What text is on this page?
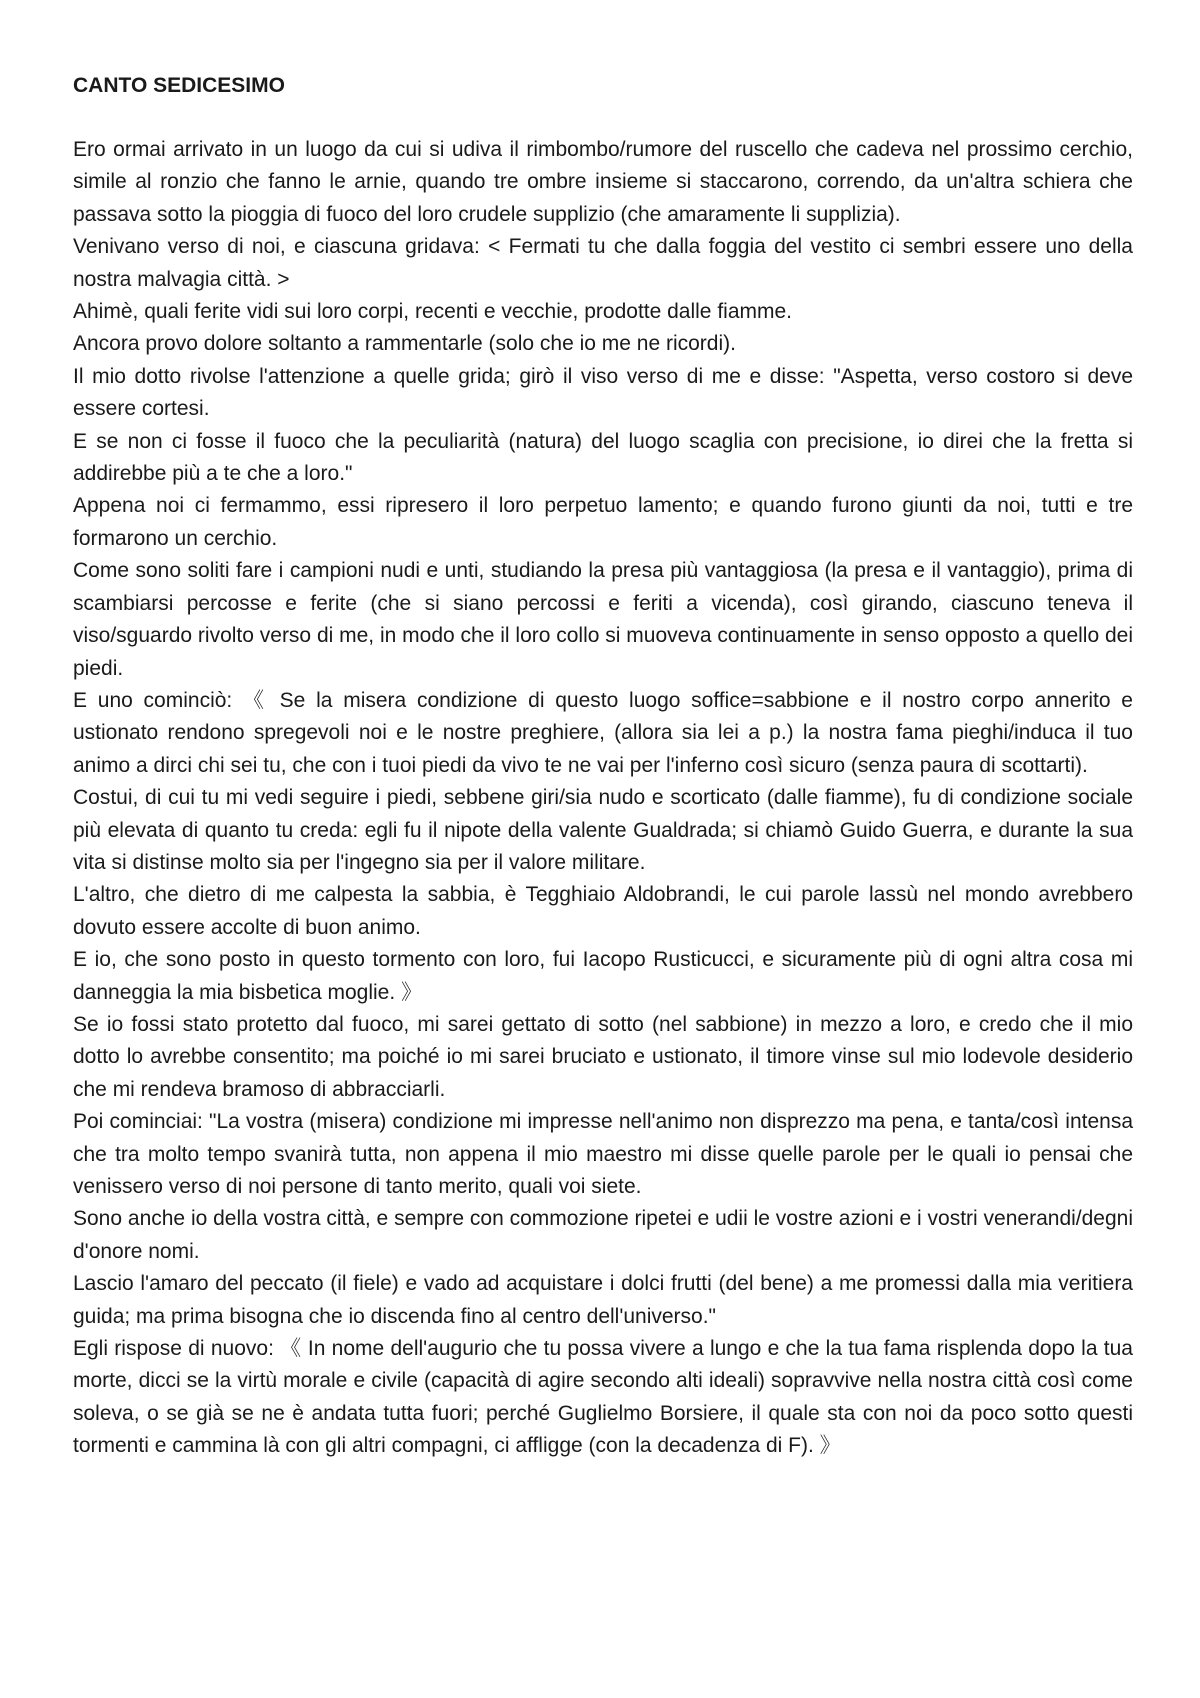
CANTO SEDICESIMO

Ero ormai arrivato in un luogo da cui si udiva il rimbombo/rumore del ruscello che cadeva nel prossimo cerchio, simile al ronzio che fanno le arnie, quando tre ombre insieme si staccarono, correndo, da un'altra schiera che passava sotto la pioggia di fuoco del loro crudele supplizio (che amaramente li supplizia).

Venivano verso di noi, e ciascuna gridava: < Fermati tu che dalla foggia del vestito ci sembri essere uno della nostra malvagia città. >

Ahimè, quali ferite vidi sui loro corpi, recenti e vecchie, prodotte dalle fiamme.

Ancora provo dolore soltanto a rammentarle (solo che io me ne ricordi).

Il mio dotto rivolse l'attenzione a quelle grida; girò il viso verso di me e disse: "Aspetta, verso costoro si deve essere cortesi.

E se non ci fosse il fuoco che la peculiarità (natura) del luogo scaglia con precisione, io direi che la fretta si addirebbe più a te che a loro."

Appena noi ci fermammo, essi ripresero il loro perpetuo lamento; e quando furono giunti da noi, tutti e tre formarono un cerchio.

Come sono soliti fare i campioni nudi e unti, studiando la presa più vantaggiosa (la presa e il vantaggio), prima di scambiarsi percosse e ferite (che si siano percossi e feriti a vicenda), così girando, ciascuno teneva il viso/sguardo rivolto verso di me, in modo che il loro collo si muoveva continuamente in senso opposto a quello dei piedi.

E uno cominciò: 《 Se la misera condizione di questo luogo soffice=sabbione e il nostro corpo annerito e ustionato rendono spregevoli noi e le nostre preghiere, (allora sia lei a p.) la nostra fama pieghi/induca il tuo animo a dirci chi sei tu, che con i tuoi piedi da vivo te ne vai per l'inferno così sicuro (senza paura di scottarti).

Costui, di cui tu mi vedi seguire i piedi, sebbene giri/sia nudo e scorticato (dalle fiamme), fu di condizione sociale più elevata di quanto tu creda: egli fu il nipote della valente Gualdrada; si chiamò Guido Guerra, e durante la sua vita si distinse molto sia per l'ingegno sia per il valore militare.

L'altro, che dietro di me calpesta la sabbia, è Tegghiaio Aldobrandi, le cui parole lassù nel mondo avrebbero dovuto essere accolte di buon animo.

E io, che sono posto in questo tormento con loro, fui Iacopo Rusticucci, e sicuramente più di ogni altra cosa mi danneggia la mia bisbetica moglie. 》

Se io fossi stato protetto dal fuoco, mi sarei gettato di sotto (nel sabbione) in mezzo a loro, e credo che il mio dotto lo avrebbe consentito; ma poiché io mi sarei bruciato e ustionato, il timore vinse sul mio lodevole desiderio che mi rendeva bramoso di abbracciarli.

Poi cominciai: "La vostra (misera) condizione mi impresse nell'animo non disprezzo ma pena, e tanta/così intensa che tra molto tempo svanirà tutta, non appena il mio maestro mi disse quelle parole per le quali io pensai che venissero verso di noi persone di tanto merito, quali voi siete.

Sono anche io della vostra città, e sempre con commozione ripetei e udii le vostre azioni e i vostri venerandi/degni d'onore nomi.

Lascio l'amaro del peccato (il fiele) e vado ad acquistare i dolci frutti (del bene) a me promessi dalla mia veritiera guida; ma prima bisogna che io discenda fino al centro dell'universo."

Egli rispose di nuovo: 《 In nome dell'augurio che tu possa vivere a lungo e che la tua fama risplenda dopo la tua morte, dicci se la virtù morale e civile (capacità di agire secondo alti ideali) sopravvive nella nostra città così come soleva, o se già se ne è andata tutta fuori; perché Guglielmo Borsiere, il quale sta con noi da poco sotto questi tormenti e cammina là con gli altri compagni, ci affligge (con la decadenza di F). 》
